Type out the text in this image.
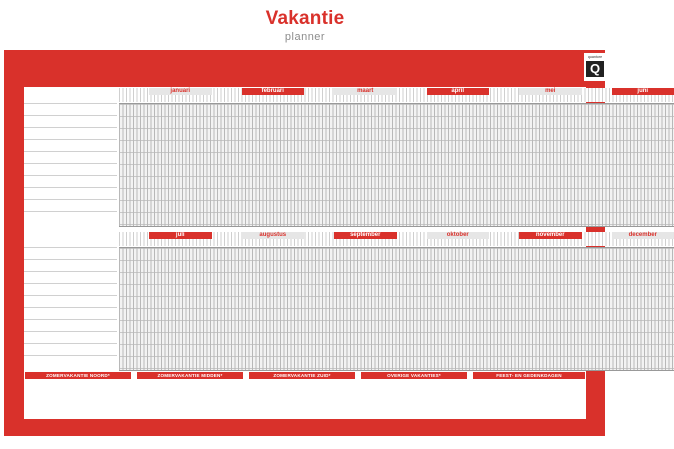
Vakantie
planner
quantore
Q
januari	februari	maart	april	mei	juni
juli	augustus	september	oktober	november	december
ZOMERVAKANTIE NOORD*

	ZOMERVAKANTIE MIDDEN*

	ZOMERVAKANTIE ZUID*

	OVERIGE VAKANTIES*

	FEEST- EN GEDENKDAGEN
